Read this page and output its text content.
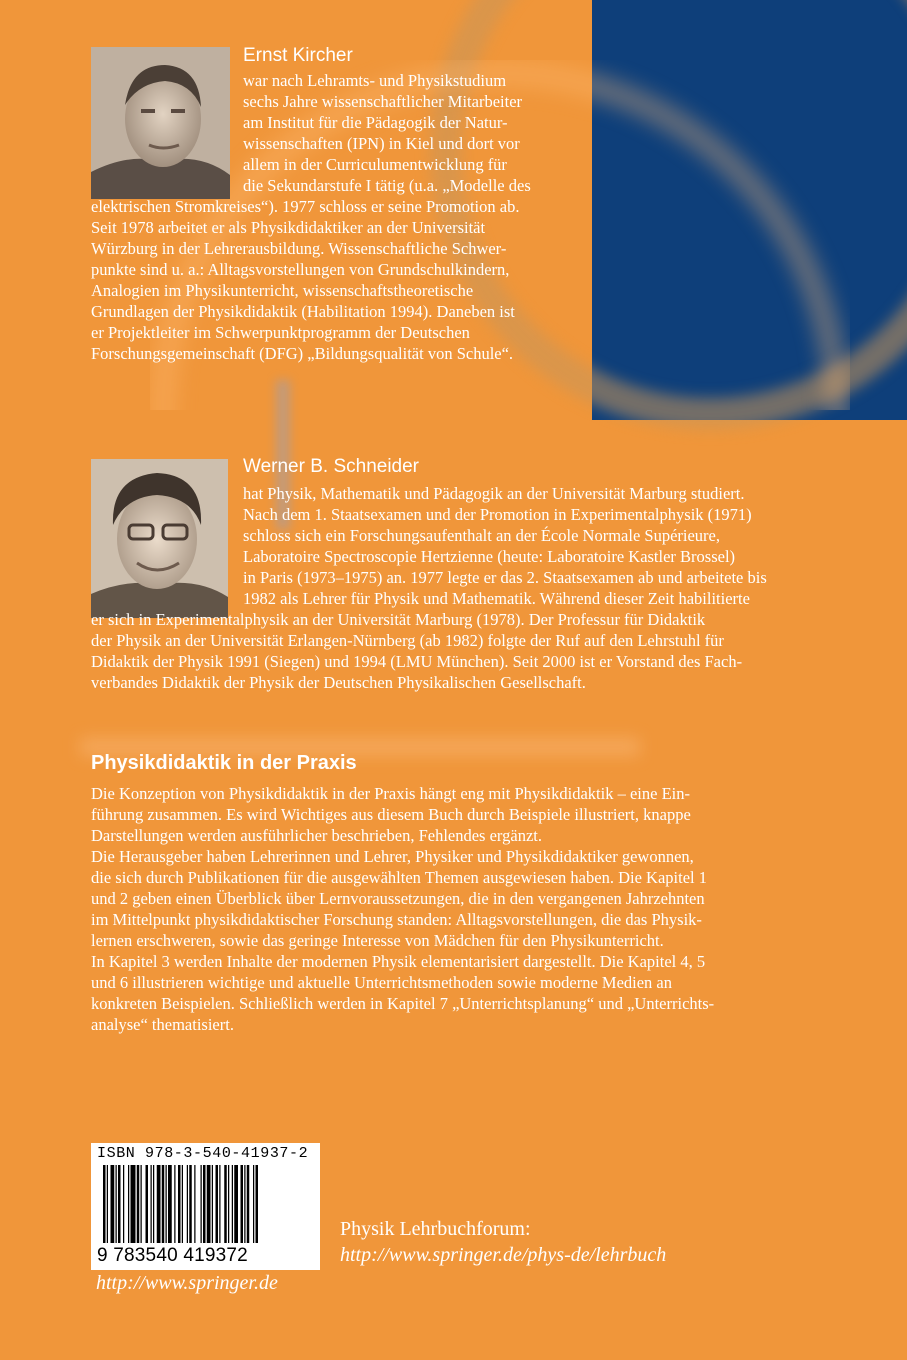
Ernst Kircher
war nach Lehramts- und Physikstudium
sechs Jahre wissenschaftlicher Mitarbeiter
am Institut für die Pädagogik der Natur-
wissenschaften (IPN) in Kiel und dort vor
allem in der Curriculumentwicklung für
die Sekundarstufe I tätig (u.a. „Modelle des
elektrischen Stromkreises“). 1977 schloss er seine Promotion ab.
Seit 1978 arbeitet er als Physikdidaktiker an der Universität
Würzburg in der Lehrerausbildung. Wissenschaftliche Schwer-
punkte sind u. a.: Alltagsvorstellungen von Grundschulkindern,
Analogien im Physikunterricht, wissenschaftstheoretische
Grundlagen der Physikdidaktik (Habilitation 1994). Daneben ist
er Projektleiter im Schwerpunktprogramm der Deutschen
Forschungsgemeinschaft (DFG) „Bildungsqualität von Schule“.
Werner B. Schneider
hat Physik, Mathematik und Pädagogik an der Universität Marburg studiert.
Nach dem 1. Staatsexamen und der Promotion in Experimentalphysik (1971)
schloss sich ein Forschungsaufenthalt an der École Normale Supérieure,
Laboratoire Spectroscopie Hertzienne (heute: Laboratoire Kastler Brossel)
in Paris (1973–1975) an. 1977 legte er das 2. Staatsexamen ab und arbeitete bis
1982 als Lehrer für Physik und Mathematik. Während dieser Zeit habilitierte
er sich in Experimentalphysik an der Universität Marburg (1978). Der Professur für Didaktik
der Physik an der Universität Erlangen-Nürnberg (ab 1982) folgte der Ruf auf den Lehrstuhl für
Didaktik der Physik 1991 (Siegen) und 1994 (LMU München). Seit 2000 ist er Vorstand des Fach-
verbandes Didaktik der Physik der Deutschen Physikalischen Gesellschaft.
Physikdidaktik in der Praxis
Die Konzeption von Physikdidaktik in der Praxis hängt eng mit Physikdidaktik – eine Ein-
führung zusammen. Es wird Wichtiges aus diesem Buch durch Beispiele illustriert, knappe
Darstellungen werden ausführlicher beschrieben, Fehlendes ergänzt.
Die Herausgeber haben Lehrerinnen und Lehrer, Physiker und Physikdidaktiker gewonnen,
die sich durch Publikationen für die ausgewählten Themen ausgewiesen haben. Die Kapitel 1
und 2 geben einen Überblick über Lernvoraussetzungen, die in den vergangenen Jahrzehnten
im Mittelpunkt physikdidaktischer Forschung standen: Alltagsvorstellungen, die das Physik-
lernen erschweren, sowie das geringe Interesse von Mädchen für den Physikunterricht.
In Kapitel 3 werden Inhalte der modernen Physik elementarisiert dargestellt. Die Kapitel 4, 5
und 6 illustrieren wichtige und aktuelle Unterrichtsmethoden sowie moderne Medien an
konkreten Beispielen. Schließlich werden in Kapitel 7 „Unterrichtsplanung“ und „Unterrichts-
analyse“ thematisiert.
ISBN 978-3-540-41937-2
9 783540 419372
http://www.springer.de
Physik Lehrbuchforum:
http://www.springer.de/phys-de/lehrbuch
